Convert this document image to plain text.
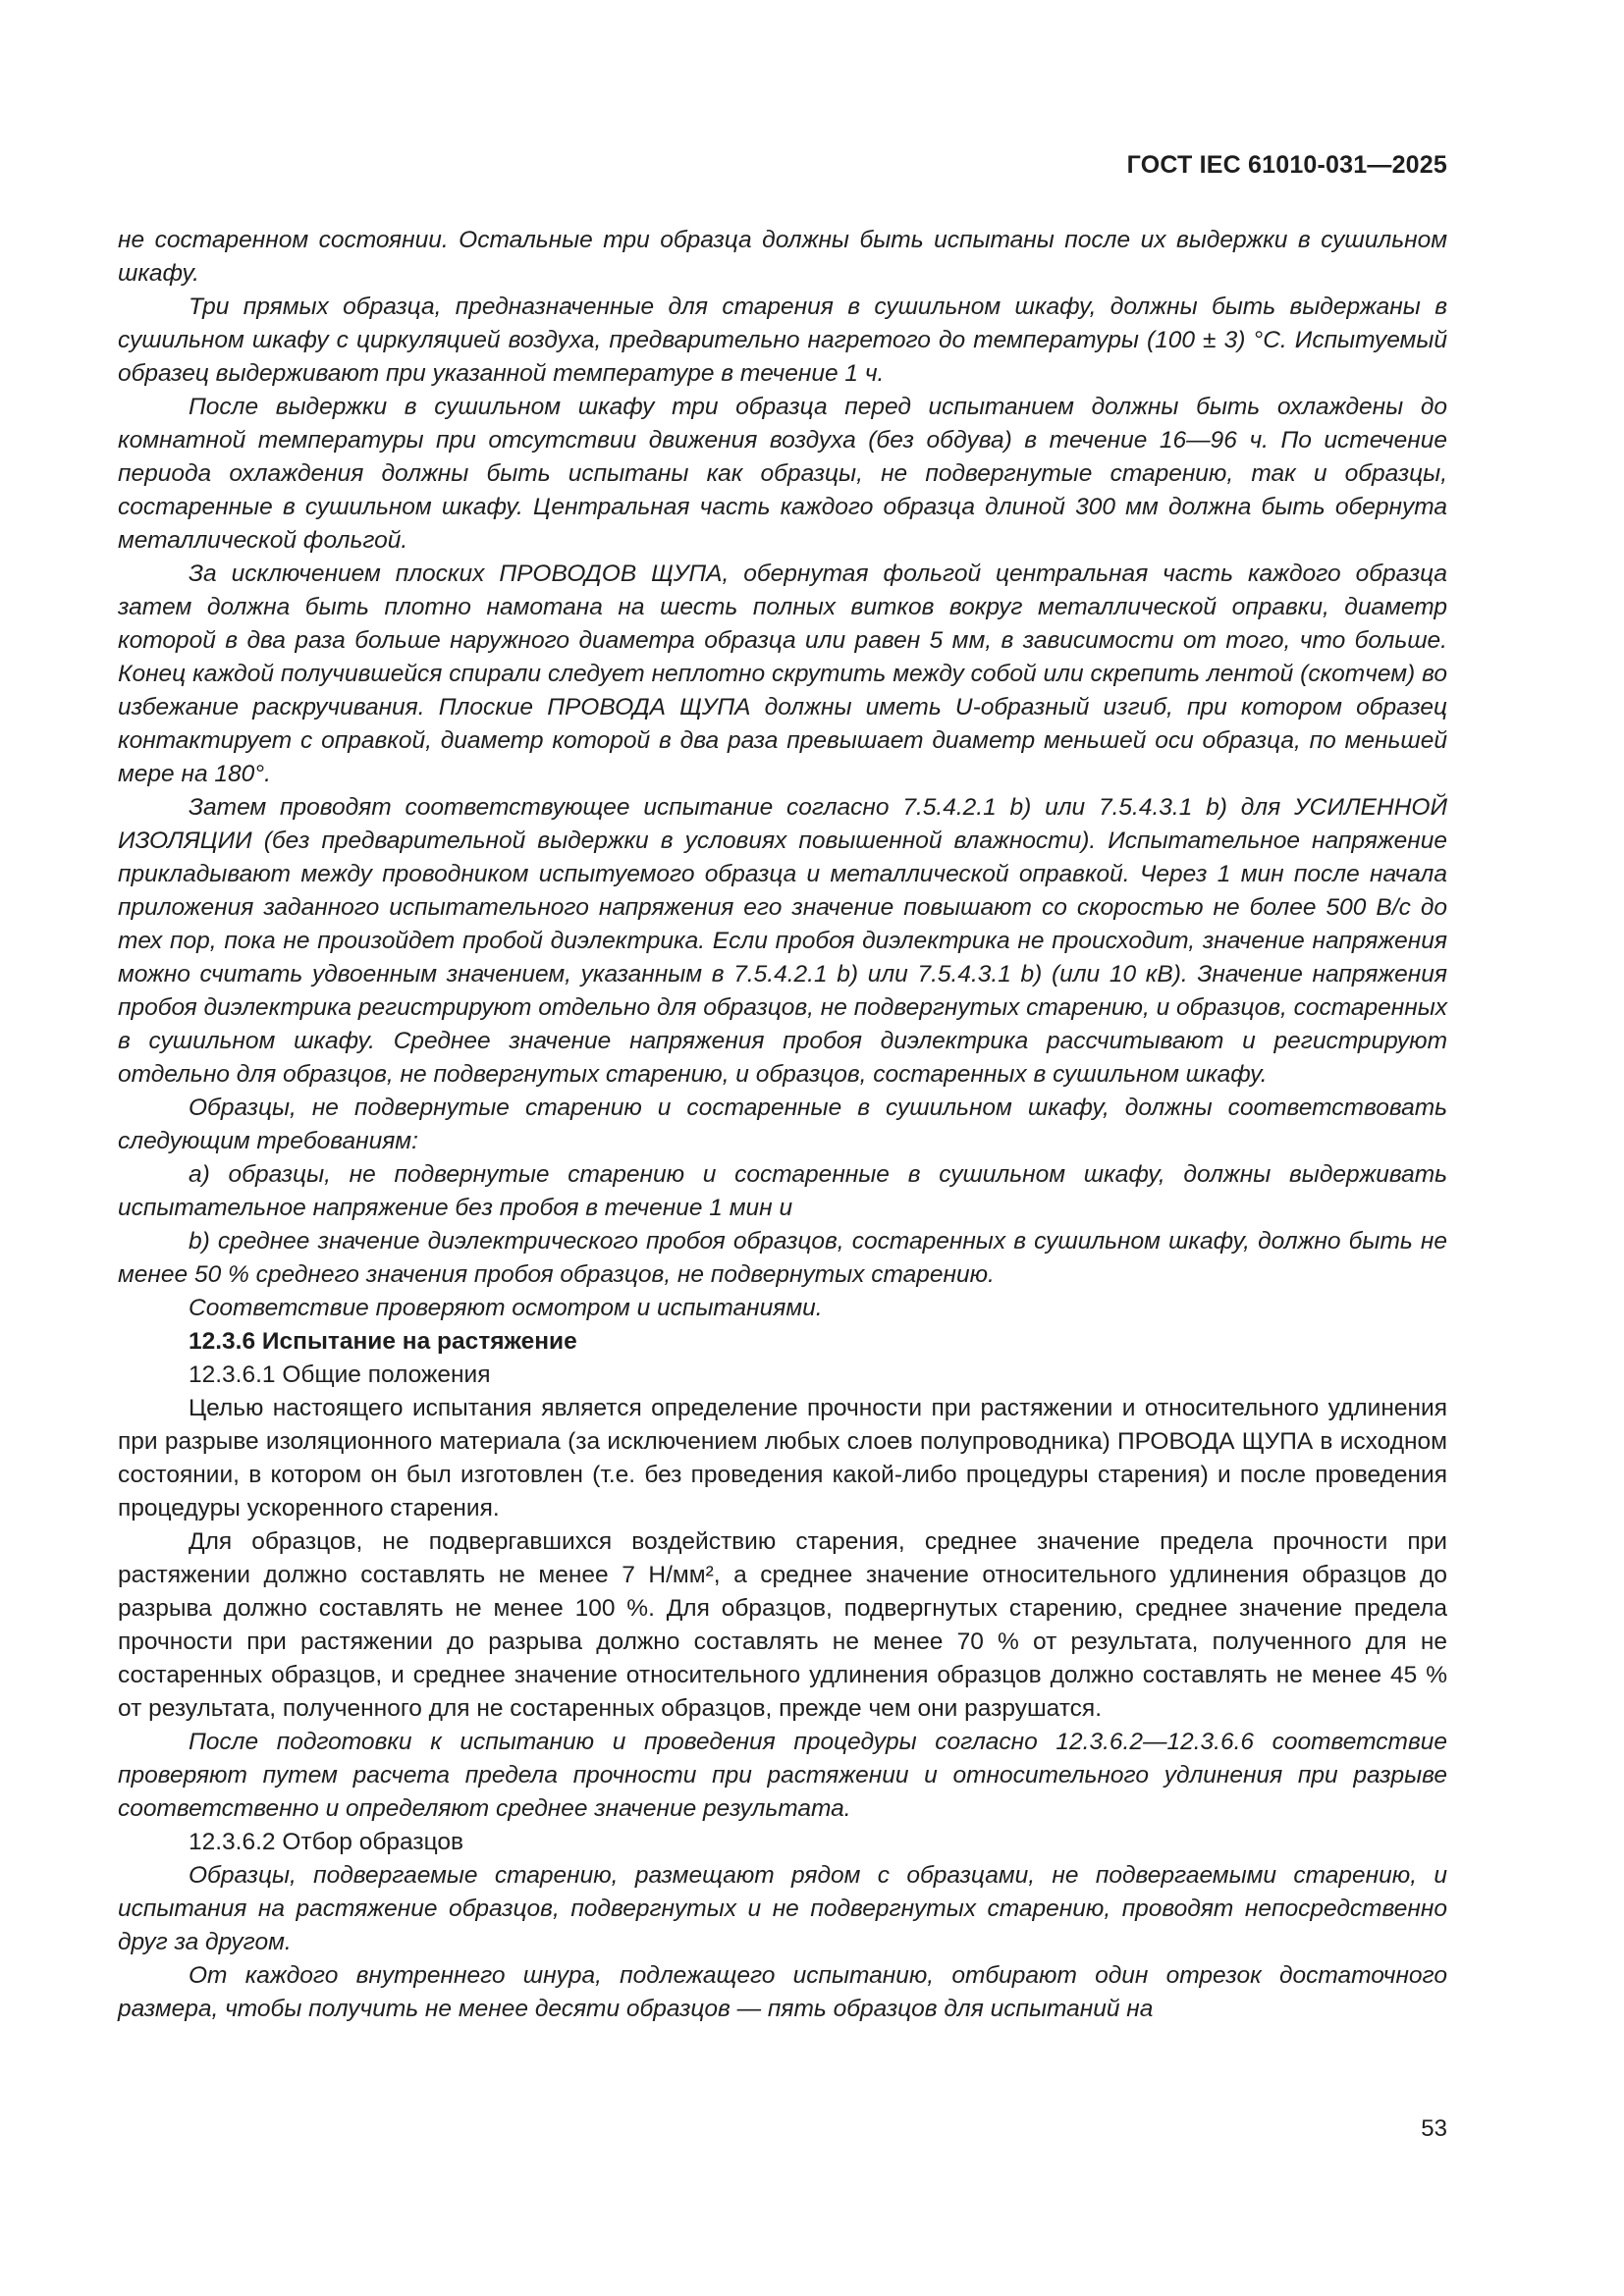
ГОСТ IEC 61010-031—2025

не состаренном состоянии. Остальные три образца должны быть испытаны после их выдержки в сушильном шкафу.

Три прямых образца, предназначенные для старения в сушильном шкафу, должны быть выдержаны в сушильном шкафу с циркуляцией воздуха, предварительно нагретого до температуры (100 ± 3) °С. Испытуемый образец выдерживают при указанной температуре в течение 1 ч.

После выдержки в сушильном шкафу три образца перед испытанием должны быть охлаждены до комнатной температуры при отсутствии движения воздуха (без обдува) в течение 16—96 ч. По истечение периода охлаждения должны быть испытаны как образцы, не подвергнутые старению, так и образцы, состаренные в сушильном шкафу. Центральная часть каждого образца длиной 300 мм должна быть обернута металлической фольгой.

За исключением плоских ПРОВОДОВ ЩУПА, обернутая фольгой центральная часть каждого образца затем должна быть плотно намотана на шесть полных витков вокруг металлической оправки, диаметр которой в два раза больше наружного диаметра образца или равен 5 мм, в зависимости от того, что больше. Конец каждой получившейся спирали следует неплотно скрутить между собой или скрепить лентой (скотчем) во избежание раскручивания. Плоские ПРОВОДА ЩУПА должны иметь U-образный изгиб, при котором образец контактирует с оправкой, диаметр которой в два раза превышает диаметр меньшей оси образца, по меньшей мере на 180°.

Затем проводят соответствующее испытание согласно 7.5.4.2.1 b) или 7.5.4.3.1 b) для УСИЛЕННОЙ ИЗОЛЯЦИИ (без предварительной выдержки в условиях повышенной влажности). Испытательное напряжение прикладывают между проводником испытуемого образца и металлической оправкой. Через 1 мин после начала приложения заданного испытательного напряжения его значение повышают со скоростью не более 500 В/с до тех пор, пока не произойдет пробой диэлектрика. Если пробоя диэлектрика не происходит, значение напряжения можно считать удвоенным значением, указанным в 7.5.4.2.1 b) или 7.5.4.3.1 b) (или 10 кВ). Значение напряжения пробоя диэлектрика регистрируют отдельно для образцов, не подвергнутых старению, и образцов, состаренных в сушильном шкафу. Среднее значение напряжения пробоя диэлектрика рассчитывают и регистрируют отдельно для образцов, не подвергнутых старению, и образцов, состаренных в сушильном шкафу.

Образцы, не подвернутые старению и состаренные в сушильном шкафу, должны соответствовать следующим требованиям:

а) образцы, не подвернутые старению и состаренные в сушильном шкафу, должны выдерживать испытательное напряжение без пробоя в течение 1 мин и

b) среднее значение диэлектрического пробоя образцов, состаренных в сушильном шкафу, должно быть не менее 50 % среднего значения пробоя образцов, не подвернутых старению.

Соответствие проверяют осмотром и испытаниями.

12.3.6 Испытание на растяжение

12.3.6.1 Общие положения

Целью настоящего испытания является определение прочности при растяжении и относительного удлинения при разрыве изоляционного материала (за исключением любых слоев полупроводника) ПРОВОДА ЩУПА в исходном состоянии, в котором он был изготовлен (т.е. без проведения какой-либо процедуры старения) и после проведения процедуры ускоренного старения.

Для образцов, не подвергавшихся воздействию старения, среднее значение предела прочности при растяжении должно составлять не менее 7 Н/мм², а среднее значение относительного удлинения образцов до разрыва должно составлять не менее 100 %. Для образцов, подвергнутых старению, среднее значение предела прочности при растяжении до разрыва должно составлять не менее 70 % от результата, полученного для не состаренных образцов, и среднее значение относительного удлинения образцов должно составлять не менее 45 % от результата, полученного для не состаренных образцов, прежде чем они разрушатся.

После подготовки к испытанию и проведения процедуры согласно 12.3.6.2—12.3.6.6 соответствие проверяют путем расчета предела прочности при растяжении и относительного удлинения при разрыве соответственно и определяют среднее значение результата.

12.3.6.2 Отбор образцов

Образцы, подвергаемые старению, размещают рядом с образцами, не подвергаемыми старению, и испытания на растяжение образцов, подвергнутых и не подвергнутых старению, проводят непосредственно друг за другом.

От каждого внутреннего шнура, подлежащего испытанию, отбирают один отрезок достаточного размера, чтобы получить не менее десяти образцов — пять образцов для испытаний на

53
